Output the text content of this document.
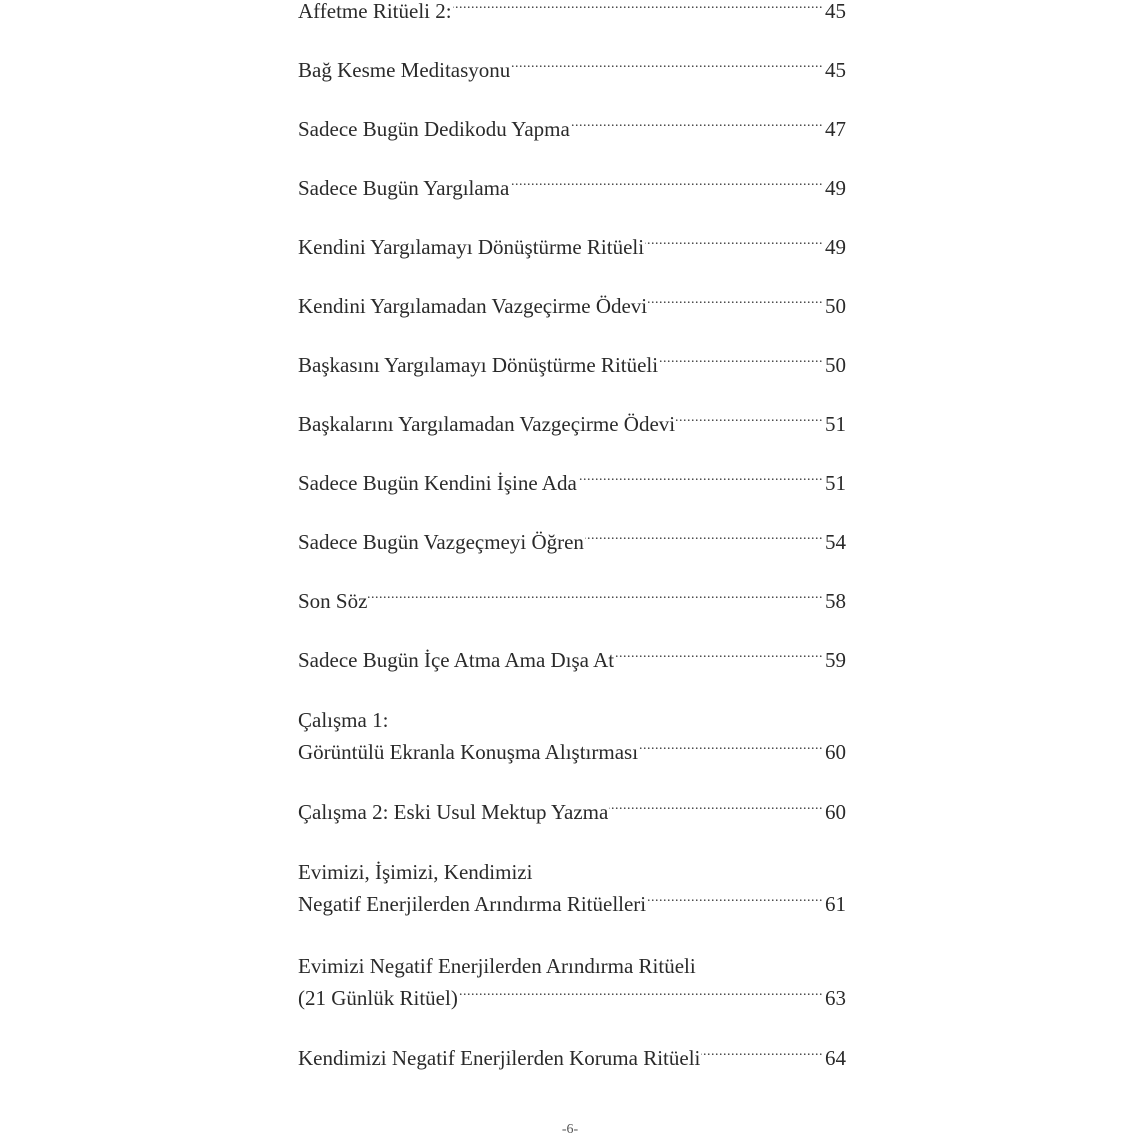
Affetme Ritüeli 2: .....	45
Bağ Kesme Meditasyonu .....	45
Sadece Bugün Dedikodu Yapma .....	47
Sadece Bugün Yargılama .....	49
Kendini Yargılamayı Dönüştürme Ritüeli .....	49
Kendini Yargılamadan Vazgeçirme Ödevi .....	50
Başkasını Yargılamayı Dönüştürme Ritüeli .....	50
Başkalarını Yargılamadan Vazgeçirme Ödevi .....	51
Sadece Bugün Kendini İşine Ada .....	51
Sadece Bugün Vazgeçmeyi Öğren .....	54
Son Söz .....	58
Sadece Bugün İçe Atma Ama Dışa At .....	59
Çalışma 1:
Görüntülü Ekranla Konuşma Alıştırması .....	60
Çalışma 2: Eski Usul Mektup Yazma .....	60
Evimizi, İşimizi, Kendimizi
Negatif Enerjilerden Arındırma Ritüelleri .....	61
Evimizi Negatif Enerjilerden Arındırma Ritüeli
(21 Günlük Ritüel) .....	63
Kendimizi Negatif Enerjilerden Koruma Ritüeli .....	64
-6-
